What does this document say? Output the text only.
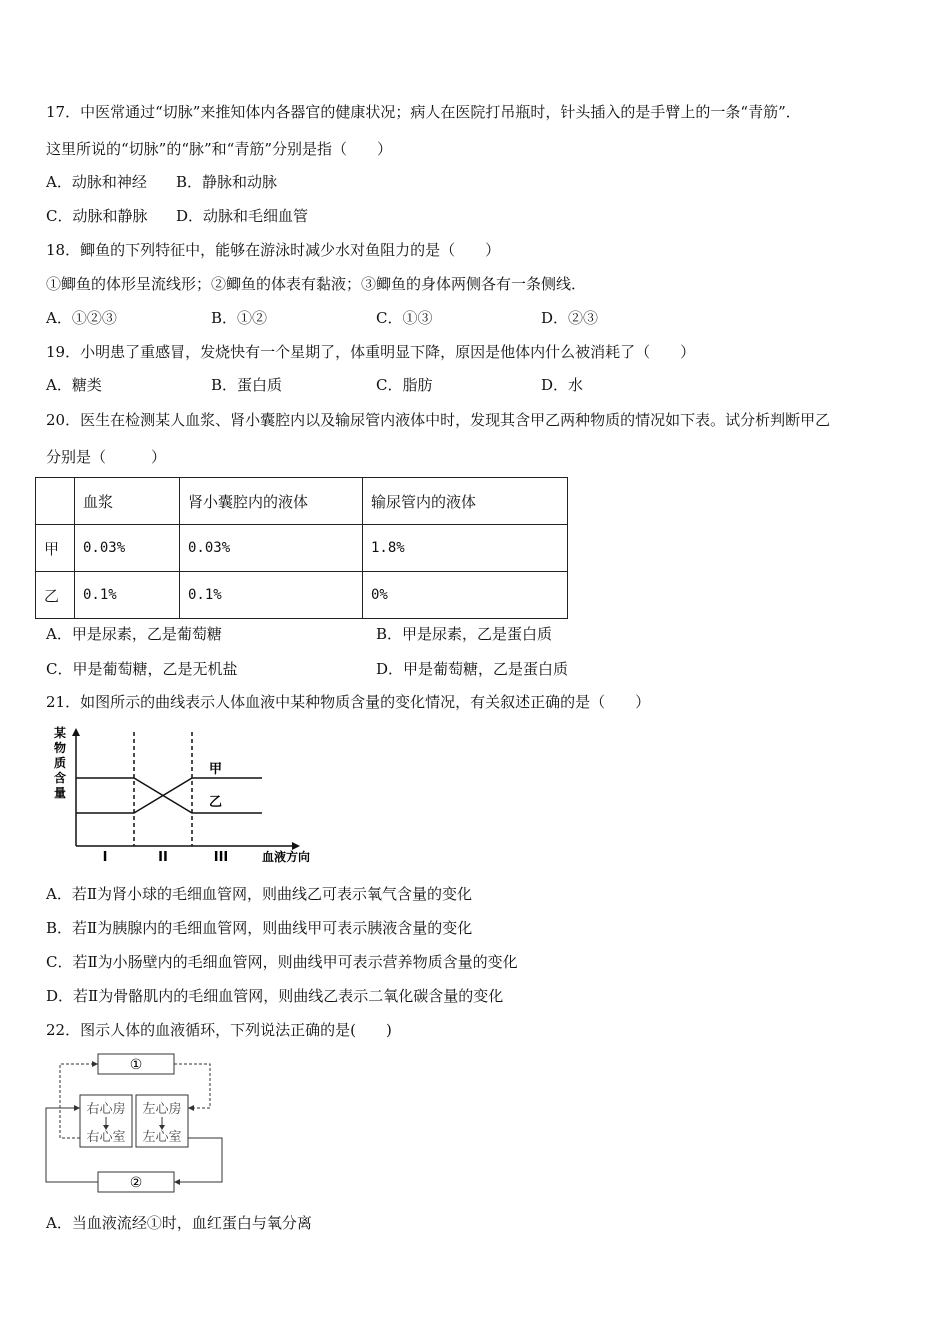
17．中医常通过“切脉”来推知体内各器官的健康状况；病人在医院打吊瓶时，针头插入的是手臂上的一条“青筋”．
这里所说的“切脉”的“脉”和“青筋”分别是指（　　）
A．动脉和神经 B．静脉和动脉
C．动脉和静脉 D．动脉和毛细血管
18．鲫鱼的下列特征中，能够在游泳时减少水对鱼阻力的是（　　）
①鲫鱼的体形呈流线形；②鲫鱼的体表有黏液；③鲫鱼的身体两侧各有一条侧线．
A．①②③	B．①②	C．①③	D．②③
19．小明患了重感冒，发烧快有一个星期了，体重明显下降，原因是他体内什么被消耗了（　　）
A．糖类	B．蛋白质	C．脂肪	D．水
20．医生在检测某人血浆、肾小囊腔内以及输尿管内液体中时，发现其含甲乙两种物质的情况如下表。试分析判断甲乙
分别是（　　　）
	血浆	肾小囊腔内的液体	输尿管内的液体
甲	0.03%	0.03%	1.8%
乙	0.1%	0.1%	0%
A．甲是尿素，乙是葡萄糖	B．甲是尿素，乙是蛋白质
C．甲是葡萄糖，乙是无机盐	D．甲是葡萄糖，乙是蛋白质
21．如图所示的曲线表示人体血液中某种物质含量的变化情况，有关叙述正确的是（　　）
某
物
质
含
量
甲
乙
I	II	III	血液方向
A．若Ⅱ为肾小球的毛细血管网，则曲线乙可表示氧气含量的变化
B．若Ⅱ为胰腺内的毛细血管网，则曲线甲可表示胰液含量的变化
C．若Ⅱ为小肠壁内的毛细血管网，则曲线甲可表示营养物质含量的变化
D．若Ⅱ为骨骼肌内的毛细血管网，则曲线乙表示二氧化碳含量的变化
22．图示人体的血液循环，下列说法正确的是(　　)
①
右心房
右心室
左心房
左心室
②
A．当血液流经①时，血红蛋白与氧分离
